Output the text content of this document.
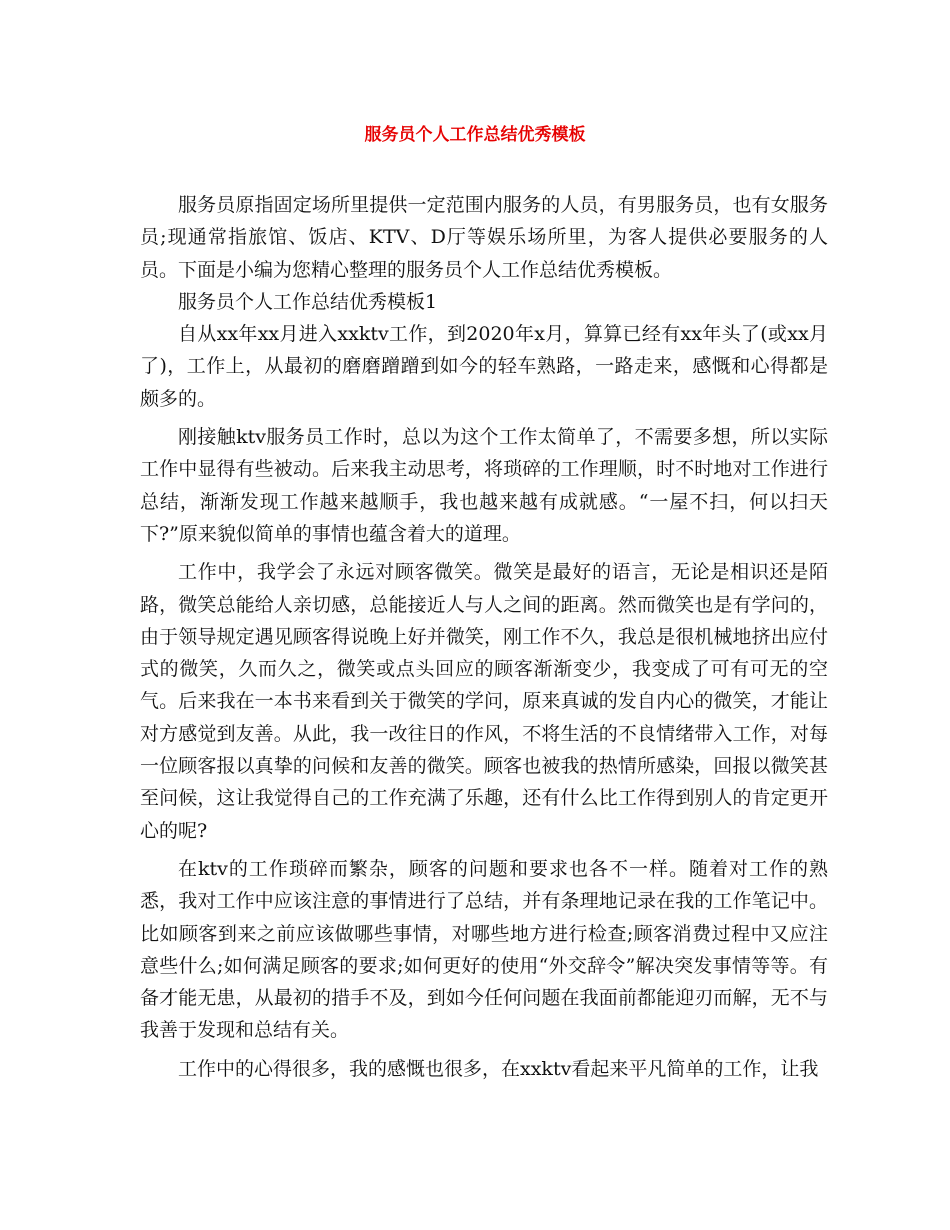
服务员个人工作总结优秀模板

服务员原指固定场所里提供一定范围内服务的人员，有男服务员，也有女服务员;现通常指旅馆、饭店、KTV、D厅等娱乐场所里，为客人提供必要服务的人员。下面是小编为您精心整理的服务员个人工作总结优秀模板。

服务员个人工作总结优秀模板1

自从xx年xx月进入xxktv工作，到2020年x月，算算已经有xx年头了(或xx月了)，工作上，从最初的磨磨蹭蹭到如今的轻车熟路，一路走来，感慨和心得都是颇多的。

刚接触ktv服务员工作时，总以为这个工作太简单了，不需要多想，所以实际工作中显得有些被动。后来我主动思考，将琐碎的工作理顺，时不时地对工作进行总结，渐渐发现工作越来越顺手，我也越来越有成就感。“一屋不扫，何以扫天下?”原来貌似简单的事情也蕴含着大的道理。

工作中，我学会了永远对顾客微笑。微笑是最好的语言，无论是相识还是陌路，微笑总能给人亲切感，总能接近人与人之间的距离。然而微笑也是有学问的，由于领导规定遇见顾客得说晚上好并微笑，刚工作不久，我总是很机械地挤出应付式的微笑，久而久之，微笑或点头回应的顾客渐渐变少，我变成了可有可无的空气。后来我在一本书来看到关于微笑的学问，原来真诚的发自内心的微笑，才能让对方感觉到友善。从此，我一改往日的作风，不将生活的不良情绪带入工作，对每一位顾客报以真挚的问候和友善的微笑。顾客也被我的热情所感染，回报以微笑甚至问候，这让我觉得自己的工作充满了乐趣，还有什么比工作得到别人的肯定更开心的呢?

在ktv的工作琐碎而繁杂，顾客的问题和要求也各不一样。随着对工作的熟悉，我对工作中应该注意的事情进行了总结，并有条理地记录在我的工作笔记中。比如顾客到来之前应该做哪些事情，对哪些地方进行检查;顾客消费过程中又应注意些什么;如何满足顾客的要求;如何更好的使用“外交辞令”解决突发事情等等。有备才能无患，从最初的措手不及，到如今任何问题在我面前都能迎刃而解，无不与我善于发现和总结有关。

工作中的心得很多，我的感慨也很多，在xxktv看起来平凡简单的工作，让我
